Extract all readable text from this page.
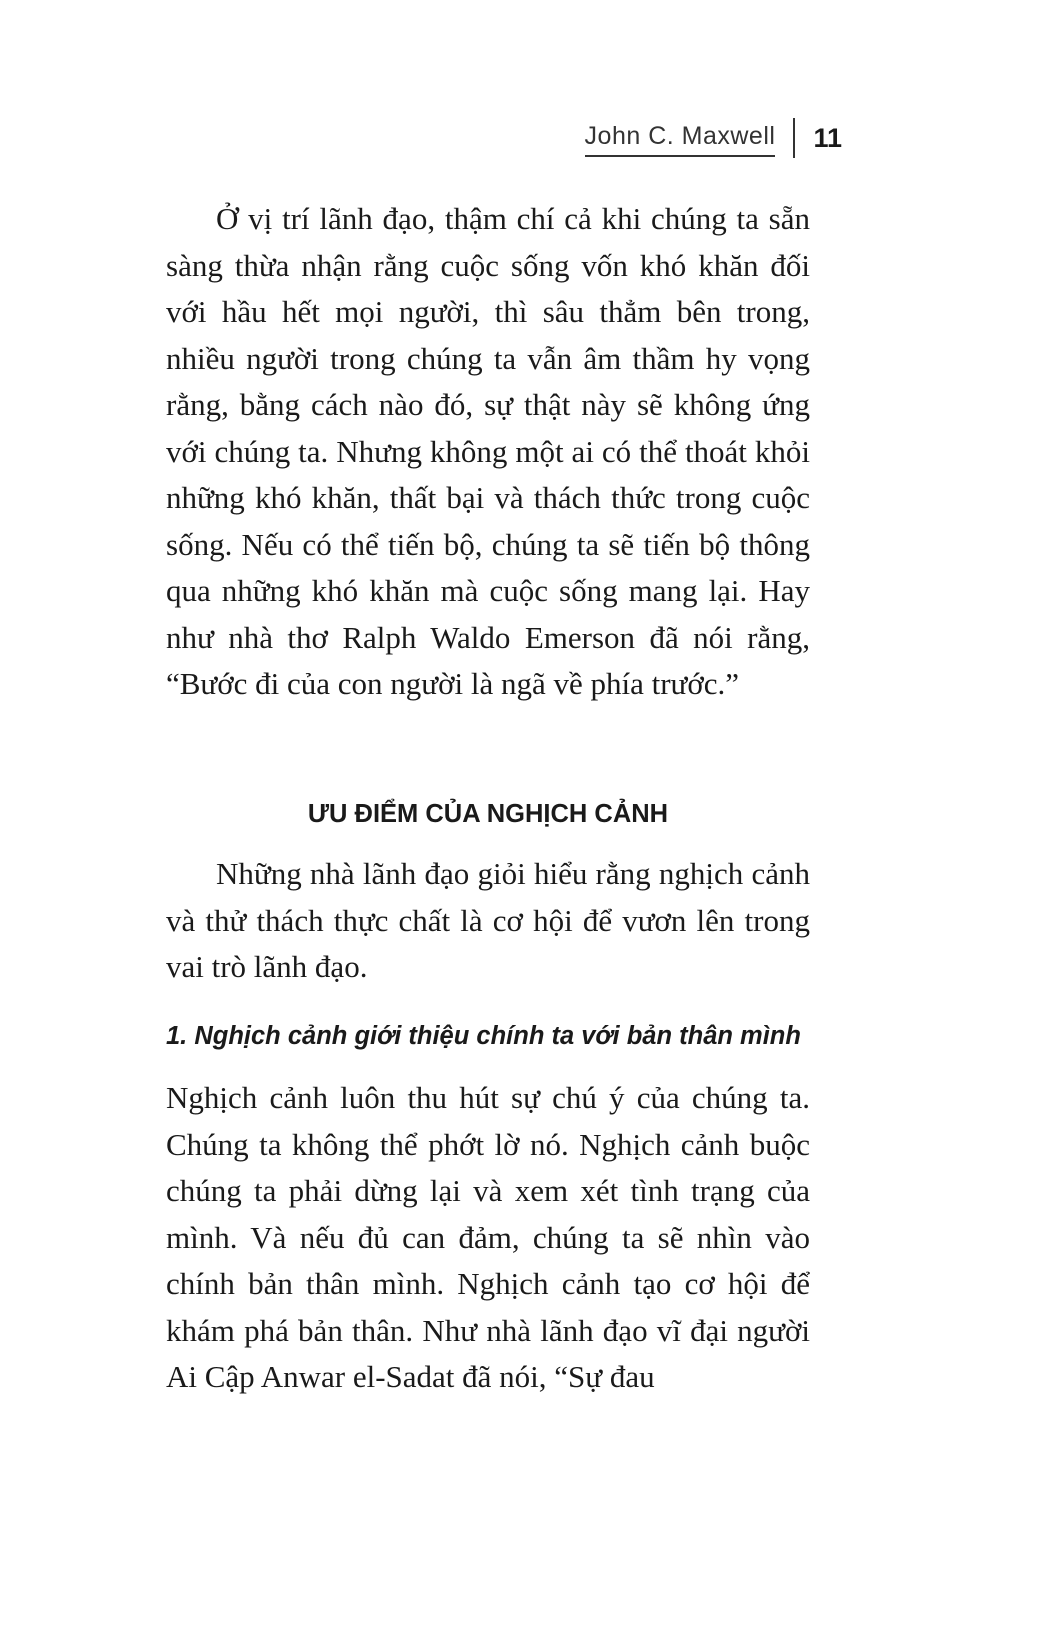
John C. Maxwell 11

Ở vị trí lãnh đạo, thậm chí cả khi chúng ta sẵn sàng thừa nhận rằng cuộc sống vốn khó khăn đối với hầu hết mọi người, thì sâu thẳm bên trong, nhiều người trong chúng ta vẫn âm thầm hy vọng rằng, bằng cách nào đó, sự thật này sẽ không ứng với chúng ta. Nhưng không một ai có thể thoát khỏi những khó khăn, thất bại và thách thức trong cuộc sống. Nếu có thể tiến bộ, chúng ta sẽ tiến bộ thông qua những khó khăn mà cuộc sống mang lại. Hay như nhà thơ Ralph Waldo Emerson đã nói rằng, “Bước đi của con người là ngã về phía trước.”

ƯU ĐIỂM CỦA NGHỊCH CẢNH

Những nhà lãnh đạo giỏi hiểu rằng nghịch cảnh và thử thách thực chất là cơ hội để vươn lên trong vai trò lãnh đạo.

1. Nghịch cảnh giới thiệu chính ta với bản thân mình

Nghịch cảnh luôn thu hút sự chú ý của chúng ta. Chúng ta không thể phớt lờ nó. Nghịch cảnh buộc chúng ta phải dừng lại và xem xét tình trạng của mình. Và nếu đủ can đảm, chúng ta sẽ nhìn vào chính bản thân mình. Nghịch cảnh tạo cơ hội để khám phá bản thân. Như nhà lãnh đạo vĩ đại người Ai Cập Anwar el-Sadat đã nói, “Sự đau
